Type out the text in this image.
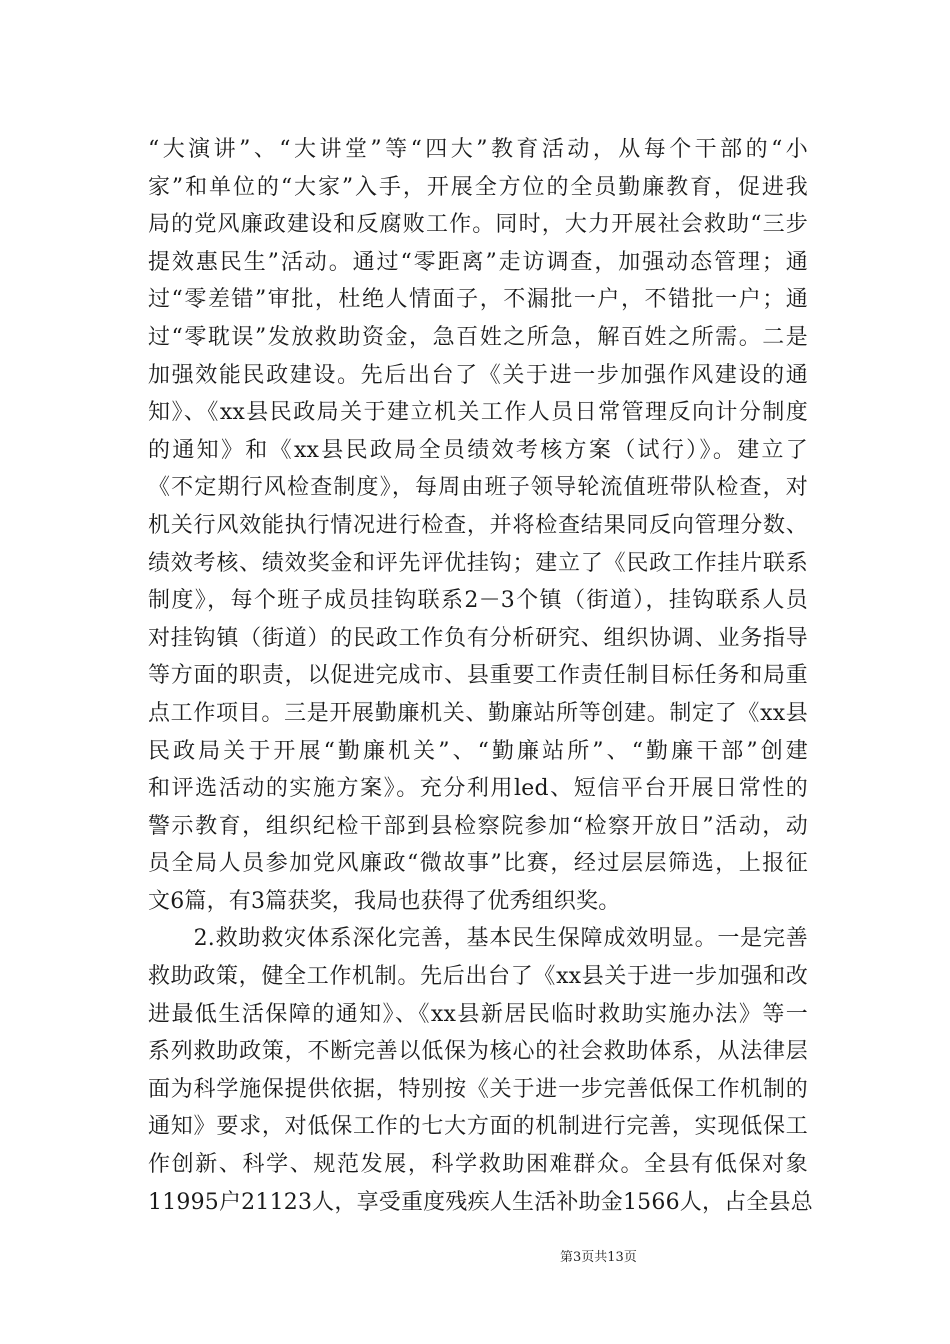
“大演讲”、“大讲堂”等“四大”教育活动，从每个干部的“小
家”和单位的“大家”入手，开展全方位的全员勤廉教育，促进我
局的党风廉政建设和反腐败工作。同时，大力开展社会救助“三步
提效惠民生”活动。通过“零距离”走访调查，加强动态管理；通
过“零差错”审批，杜绝人情面子，不漏批一户，不错批一户；通
过“零耽误”发放救助资金，急百姓之所急，解百姓之所需。二是
加强效能民政建设。先后出台了《关于进一步加强作风建设的通
知》、《xx县民政局关于建立机关工作人员日常管理反向计分制度
的通知》和《xx县民政局全员绩效考核方案（试行）》。建立了
《不定期行风检查制度》，每周由班子领导轮流值班带队检查，对
机关行风效能执行情况进行检查，并将检查结果同反向管理分数、
绩效考核、绩效奖金和评先评优挂钩；建立了《民政工作挂片联系
制度》，每个班子成员挂钩联系2－3个镇（街道），挂钩联系人员
对挂钩镇（街道）的民政工作负有分析研究、组织协调、业务指导
等方面的职责，以促进完成市、县重要工作责任制目标任务和局重
点工作项目。三是开展勤廉机关、勤廉站所等创建。制定了《xx县
民政局关于开展“勤廉机关”、“勤廉站所”、“勤廉干部”创建
和评选活动的实施方案》。充分利用led、短信平台开展日常性的
警示教育，组织纪检干部到县检察院参加“检察开放日”活动，动
员全局人员参加党风廉政“微故事”比赛，经过层层筛选，上报征
文6篇，有3篇获奖，我局也获得了优秀组织奖。

　　2.救助救灾体系深化完善，基本民生保障成效明显。一是完善
救助政策，健全工作机制。先后出台了《xx县关于进一步加强和改
进最低生活保障的通知》、《xx县新居民临时救助实施办法》等一
系列救助政策，不断完善以低保为核心的社会救助体系，从法律层
面为科学施保提供依据，特别按《关于进一步完善低保工作机制的
通知》要求，对低保工作的七大方面的机制进行完善，实现低保工
作创新、科学、规范发展，科学救助困难群众。全县有低保对象
11995户21123人，享受重度残疾人生活补助金1566人，占全县总

第3页共13页
